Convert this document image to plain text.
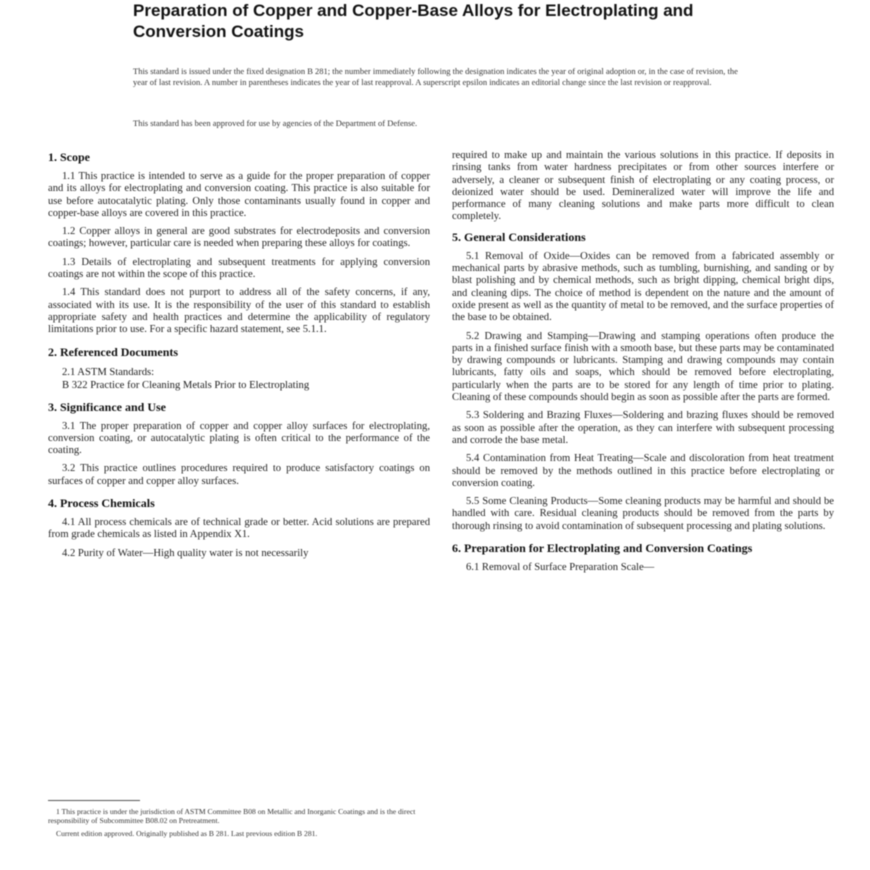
Preparation of Copper and Copper-Base Alloys for Electroplating and Conversion Coatings
This standard is issued under the fixed designation B 281; the number immediately following the designation indicates the year of original adoption or, in the case of revision, the year of last revision. A number in parentheses indicates the year of last reapproval. A superscript epsilon indicates an editorial change since the last revision or reapproval.
This standard has been approved for use by agencies of the Department of Defense.
1. Scope

1.1 This practice is intended to serve as a guide for the proper preparation of copper and its alloys for electroplating and conversion coating. This practice is also suitable for use before autocatalytic plating. Only those contaminants usually found in copper and copper-base alloys are covered in this practice.

1.2 Copper alloys in general are good substrates for electrodeposits and conversion coatings; however, particular care is needed when preparing these alloys for coatings.

1.3 Details of electroplating and subsequent treatments for applying conversion coatings are not within the scope of this practice.

1.4 This standard does not purport to address all of the safety concerns, if any, associated with its use. It is the responsibility of the user of this standard to establish appropriate safety and health practices and determine the applicability of regulatory limitations prior to use. For a specific hazard statement, see 5.1.1.

2. Referenced Documents
2.1 ASTM Standards:
B 322 Practice for Cleaning Metals Prior to Electroplating
3. Significance and Use

3.1 The proper preparation of copper and copper alloy surfaces for electroplating, conversion coating, or autocatalytic plating is often critical to the performance of the coating.

3.2 This practice outlines procedures required to produce satisfactory coatings on surfaces of copper and copper alloy surfaces.

4. Process Chemicals

4.1 All process chemicals are of technical grade or better. Acid solutions are prepared from grade chemicals as listed in Appendix X1.

4.2 Purity of Water—High quality water is not necessarily

1 This practice is under the jurisdiction of ASTM Committee B08 on Metallic and Inorganic Coatings and is the direct responsibility of Subcommittee B08.02 on Pretreatment.
Current edition approved. Originally published as B 281. Last previous edition B 281.

required to make up and maintain the various solutions in this practice. If deposits in rinsing tanks from water hardness precipitates or from other sources interfere or adversely, a cleaner or subsequent finish of electroplating or any coating process, or deionized water should be used. Demineralized water will improve the life and performance of many cleaning solutions and make parts more difficult to clean completely.

5. General Considerations

5.1 Removal of Oxide—Oxides can be removed from a fabricated assembly or mechanical parts by abrasive methods, such as tumbling, burnishing, and sanding or by blast polishing and by chemical methods, such as bright dipping, chemical bright dips, and cleaning dips. The choice of method is dependent on the nature and the amount of oxide present as well as the quantity of metal to be removed, and the surface properties of the base to be obtained.

5.2 Drawing and Stamping—Drawing and stamping operations often produce the parts in a finished surface finish with a smooth base, but these parts may be contaminated by drawing compounds or lubricants. Stamping and drawing compounds may contain lubricants, fatty oils and soaps, which should be removed before electroplating, particularly when the parts are to be stored for any length of time prior to plating. Cleaning of these compounds should begin as soon as possible after the parts are formed.

5.3 Soldering and Brazing Fluxes—Soldering and brazing fluxes should be removed as soon as possible after the operation, as they can interfere with subsequent processing and corrode the base metal.

5.4 Contamination from Heat Treating—Scale and discoloration from heat treatment should be removed by the methods outlined in this practice before electroplating or conversion coating.

5.5 Some Cleaning Products—Some cleaning products may be harmful and should be handled with care. Residual cleaning products should be removed from the parts by thorough rinsing to avoid contamination of subsequent processing and plating solutions.

6. Preparation for Electroplating and Conversion Coatings

6.1 Removal of Surface Preparation Scale—
